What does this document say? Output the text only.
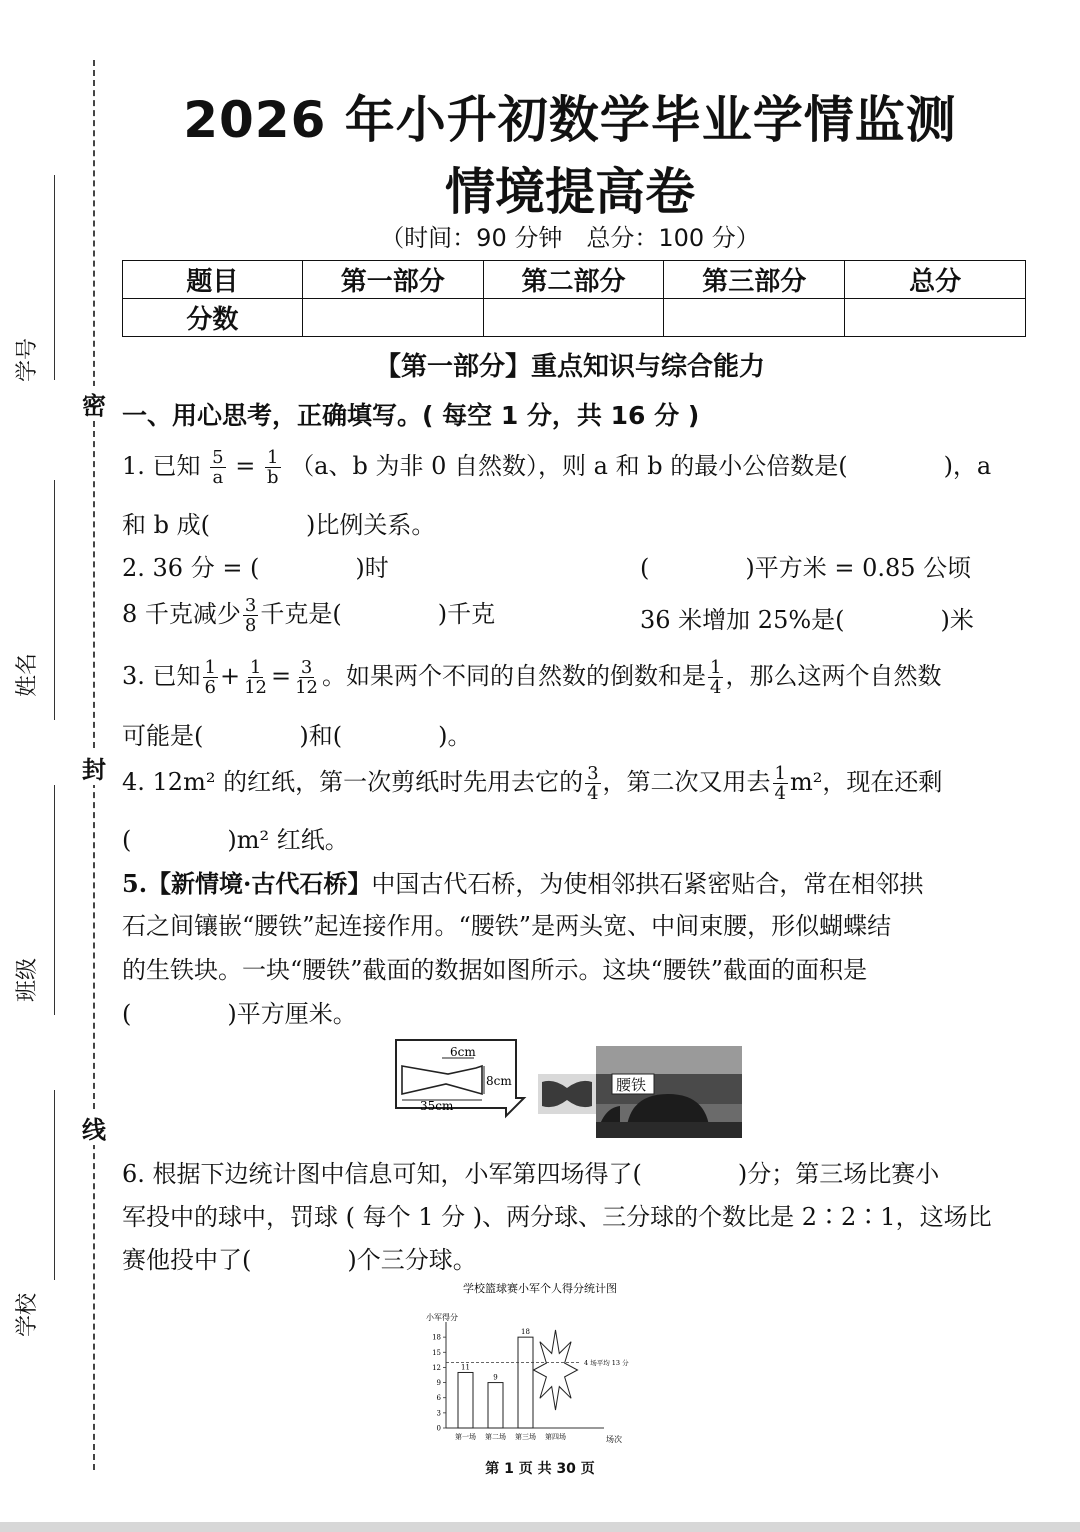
密
封
线
学号
姓名
班级
学校
2026 年小升初数学毕业学情监测
情境提高卷
（时间：90 分钟　总分：100 分）
题目	第一部分	第二部分	第三部分	总分
分数				
【第一部分】重点知识与综合能力
一、用心思考，正确填写。( 每空 1 分，共 16 分 )
1. 已知 $\frac{5}{a} = \frac{1}{b} (a$、b 为非 0 自然数），则 a 和 b 的最小公倍数是(　　　　)，a
和 b 成(　　　　)比例关系。
2. 36 分 = (　　　　)时	(　　　　)平方米 = 0.85 公顷
8 千克减少 $\frac{3}{8}$ 千克是(　　　　)千克	36 米增加 25%是(　　　　)米
3. 已知 $\frac{1}{6} + \frac{1}{12} = \frac{3}{12}$ 。如果两个不同的自然数的倒数和是 $\frac{1}{4}$ ，那么这两个自然数
可能是(　　　　)和(　　　　)。
4. 12m² 的红纸，第一次剪纸时先用去它的 $\frac{3}{4}$ ，第二次又用去 $\frac{1}{4} m^2$，现在还剩
(　　　　)m² 红纸。
5.【新情境·古代石桥】中国古代石桥，为使相邻拱石紧密贴合，常在相邻拱
石之间镶嵌“腰铁”起连接作用。“腰铁”是两头宽、中间束腰，形似蝴蝶结
的生铁块。一块“腰铁”截面的数据如图所示。这块“腰铁”截面的面积是
(　　　　)平方厘米。
6cm
8cm
35cm
腰铁
6. 根据下边统计图中信息可知，小军第四场得了(　　　　)分；第三场比赛小
军投中的球中，罚球 ( 每个 1 分 )、两分球、三分球的个数比是 2∶2∶1，这场比
赛他投中了(　　　　)个三分球。
学校篮球赛小军个人得分统计图
小军得分
场次
0
3
6
9
12
15
18
11
第一场
9
第二场
18
第三场 第四场
4 场平均 13 分
第 1 页 共 30 页
